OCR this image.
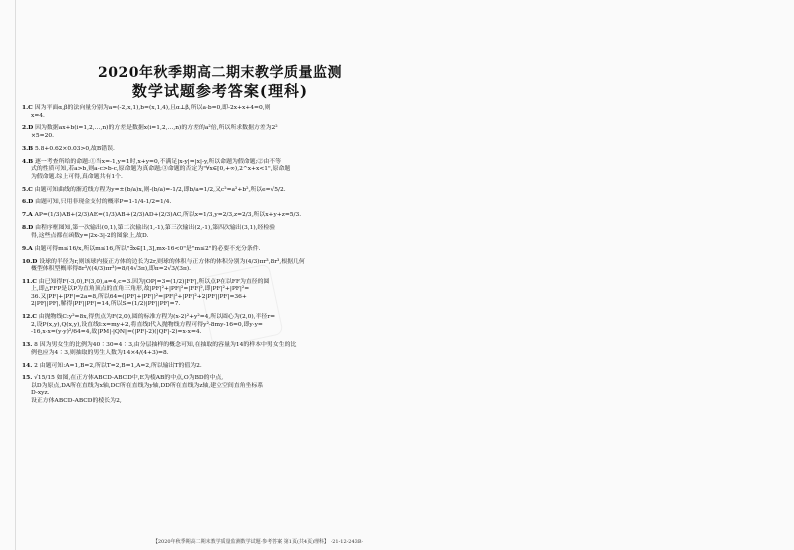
2020年秋季期高二期末教学质量监测
数学试题参考答案(理科)

1.C 因为平面α,β的法向量分别为a=(-2,x,1),b=(x,1,4),且α⊥β,所以a·b=0,即-2x+x+4=0,则

x=4.

2.D 因为数据ax+b(i=1,2,…,n)的方差是数据x(i=1,2,…,n)的方差的a²倍,所以所求数据方差为2²

×5=20.

3.B 5.8+0.62×0.03>0,故B错误.

4.B 逐一考查所给的命题:①当x=-1,y=1时,x+y=0,不满足|x-y|=|x|-y,所以命题为假命题;②由不等

式的性质可知,若a>b,则a-c>b-c,原命题为真命题;③命题的否定为"∀x∈[0,+∞),2^x+x<1",原命题

为假命题.综上可得,真命题共有1个.

5.C 由题可知曲线的渐近线方程为y=±(b/a)x,则-(b/a)=-1/2,即b/a=1/2,又c²=a²+b²,所以e=√5/2.

6.D 由题可知,只用非现金支付的概率P=1-1/4-1/2=1/4.

7.A AP=(1/3)AB+(2/3)AE=(1/3)AB+(2/3)AD+(2/3)AC,所以x=1/3,y=2/3,z=2/3,所以x+y+z=5/3.

8.D 由程序框图知,第一次输出(0,1),第二次输出(1,-1),第三次输出(2,-1),第四次输出(3,1),经检验

得,这些点都在函数y=|2x-3|-2的图象上,故D.

9.A 由题可得m≤16/x,所以m≤16,所以"∃x∈[1,3],mx-16<0"是"m≤2"的必要不充分条件.

10.D 设球的半径为r,则该球内接正方体的边长为2r,则球的体积与正方体的体积分别为(4/3)πr³,8r³,根据几何

概型体积型概率得8r³/((4/3)πr³)=8/(4√3π),即π=2√3/(3π).

11.C 由已知得F(-3,0),F(3,0),a=4,c=3.因为|OP|=3=(1/2)|FF|,所以点P在以FF为直径的圆

上,即△FFP是以P为直角顶点的直角三角形,故|PF|²+|PF|²=|FF|²,即|PF|²+|PF|²=

36.又|PF|+|PF|=2a=8,所以64=(|PF|+|PF|)²=|PF|²+|PF|²+2|PF||PF|=36+

2|PF||PF|,解得|PF||PF|=14,所以S=(1/2)|PF||PF|=7.

12.C 由抛物线C:y²=8x,得焦点为F(2,0),圆的标准方程为(x-2)²+y²=4,所以圆心为(2,0),半径r=

2,设P(x,y),Q(x,y),设直线l:x=my+2,将直线l代入抛物线方程可得y²-8my-16=0,即y·y=

-16,x·x=(y·y)²/64=4,故|PM|·|QN|=(|PF|-2)(|QF|-2)=x·x=4.

13. 8 因为男女生的比例为40∶30=4∶3,由分层抽样的概念可知,在抽取的容量为14的样本中男女生的比

例也应为4∶3,则抽取的男生人数为14×4/(4+3)=8.

14. 2 由题可知:A=1,B=2,所以T=2,B=1,A=2,所以输出T的值为2.

15. √15/15 如图,在正方体ABCD-ABCD中,E为棱AB的中点,O为BD的中点,

以D为原点,DA所在直线为x轴,DC所在直线为y轴,DD所在直线为z轴,建立空间直角坐标系

D-xyz.

设正方体ABCD-ABCD的棱长为2,

【2020年秋季期高二期末教学质量监测数学试题·参考答案 第1页(共4页)理科】 ·21-12-243B·
